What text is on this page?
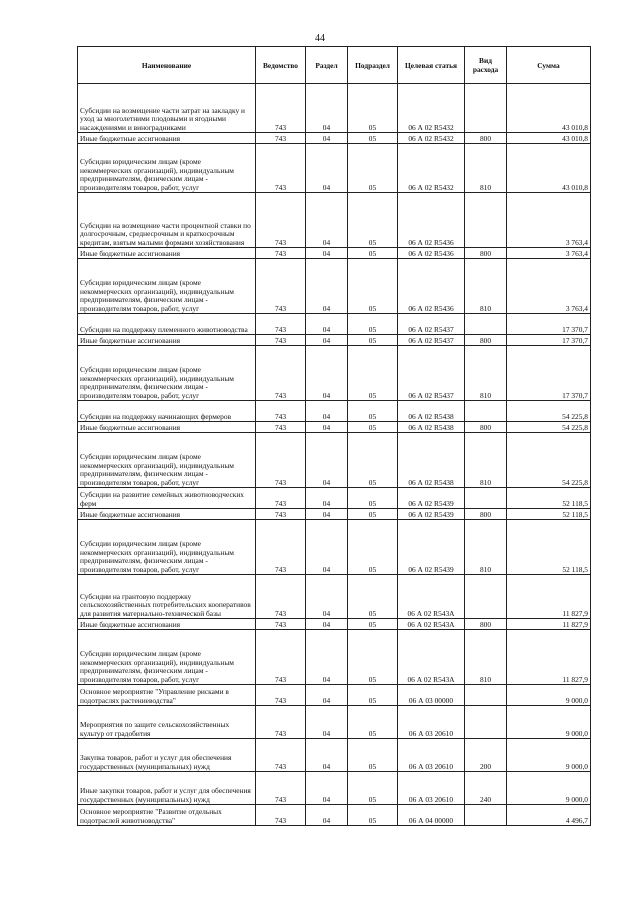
44
Наименование	Ведомство	Раздел	Подраздел	Целевая статья	Вид расхода	Сумма
Субсидии на возмещение части затрат на закладку и уход за многолетними плодовыми и ягодными насаждениями и виноградниками	743	04	05	06 А 02 R5432		43 010,8
Иные бюджетные ассигнования	743	04	05	06 А 02 R5432	800	43 010,8
Субсидии юридическим лицам (кроме некоммерческих организаций), индивидуальным предпринимателям, физическим лицам - производителям товаров, работ, услуг	743	04	05	06 А 02 R5432	810	43 010,8
Субсидии на возмещение части процентной ставки по долгосрочным, среднесрочным и краткосрочным кредитам, взятым малыми формами хозяйствования	743	04	05	06 А 02 R5436		3 763,4
Иные бюджетные ассигнования	743	04	05	06 А 02 R5436	800	3 763,4
Субсидии юридическим лицам (кроме некоммерческих организаций), индивидуальным предпринимателям, физическим лицам - производителям товаров, работ, услуг	743	04	05	06 А 02 R5436	810	3 763,4
Субсидии на поддержку племенного животноводства	743	04	05	06 А 02 R5437		17 370,7
Иные бюджетные ассигнования	743	04	05	06 А 02 R5437	800	17 370,7
Субсидии юридическим лицам (кроме некоммерческих организаций), индивидуальным предпринимателям, физическим лицам - производителям товаров, работ, услуг	743	04	05	06 А 02 R5437	810	17 370,7
Субсидии на поддержку начинающих фермеров	743	04	05	06 А 02 R5438		54 225,8
Иные бюджетные ассигнования	743	04	05	06 А 02 R5438	800	54 225,8
Субсидии юридическим лицам (кроме некоммерческих организаций), индивидуальным предпринимателям, физическим лицам - производителям товаров, работ, услуг	743	04	05	06 А 02 R5438	810	54 225,8
Субсидии на развитие семейных животноводческих ферм	743	04	05	06 А 02 R5439		52 118,5
Иные бюджетные ассигнования	743	04	05	06 А 02 R5439	800	52 118,5
Субсидии юридическим лицам (кроме некоммерческих организаций), индивидуальным предпринимателям, физическим лицам - производителям товаров, работ, услуг	743	04	05	06 А 02 R5439	810	52 118,5
Субсидии на грантовую поддержку сельскохозяйственных потребительских кооперативов для развития материально-технической базы	743	04	05	06 А 02 R543А		11 827,9
Иные бюджетные ассигнования	743	04	05	06 А 02 R543А	800	11 827,9
Субсидии юридическим лицам (кроме некоммерческих организаций), индивидуальным предпринимателям, физическим лицам - производителям товаров, работ, услуг	743	04	05	06 А 02 R543А	810	11 827,9
Основное мероприятие "Управление рисками в подотраслях растениеводства"	743	04	05	06 А 03 00000		9 000,0
Мероприятия по защите сельскохозяйственных культур от градобития	743	04	05	06 А 03 20610		9 000,0
Закупка товаров, работ и услуг для обеспечения государственных (муниципальных) нужд	743	04	05	06 А 03 20610	200	9 000,0
Иные закупки товаров, работ и услуг для обеспечения государственных (муниципальных) нужд	743	04	05	06 А 03 20610	240	9 000,0
Основное мероприятие "Развитие отдельных подотраслей животноводства"	743	04	05	06 А 04 00000		4 496,7
